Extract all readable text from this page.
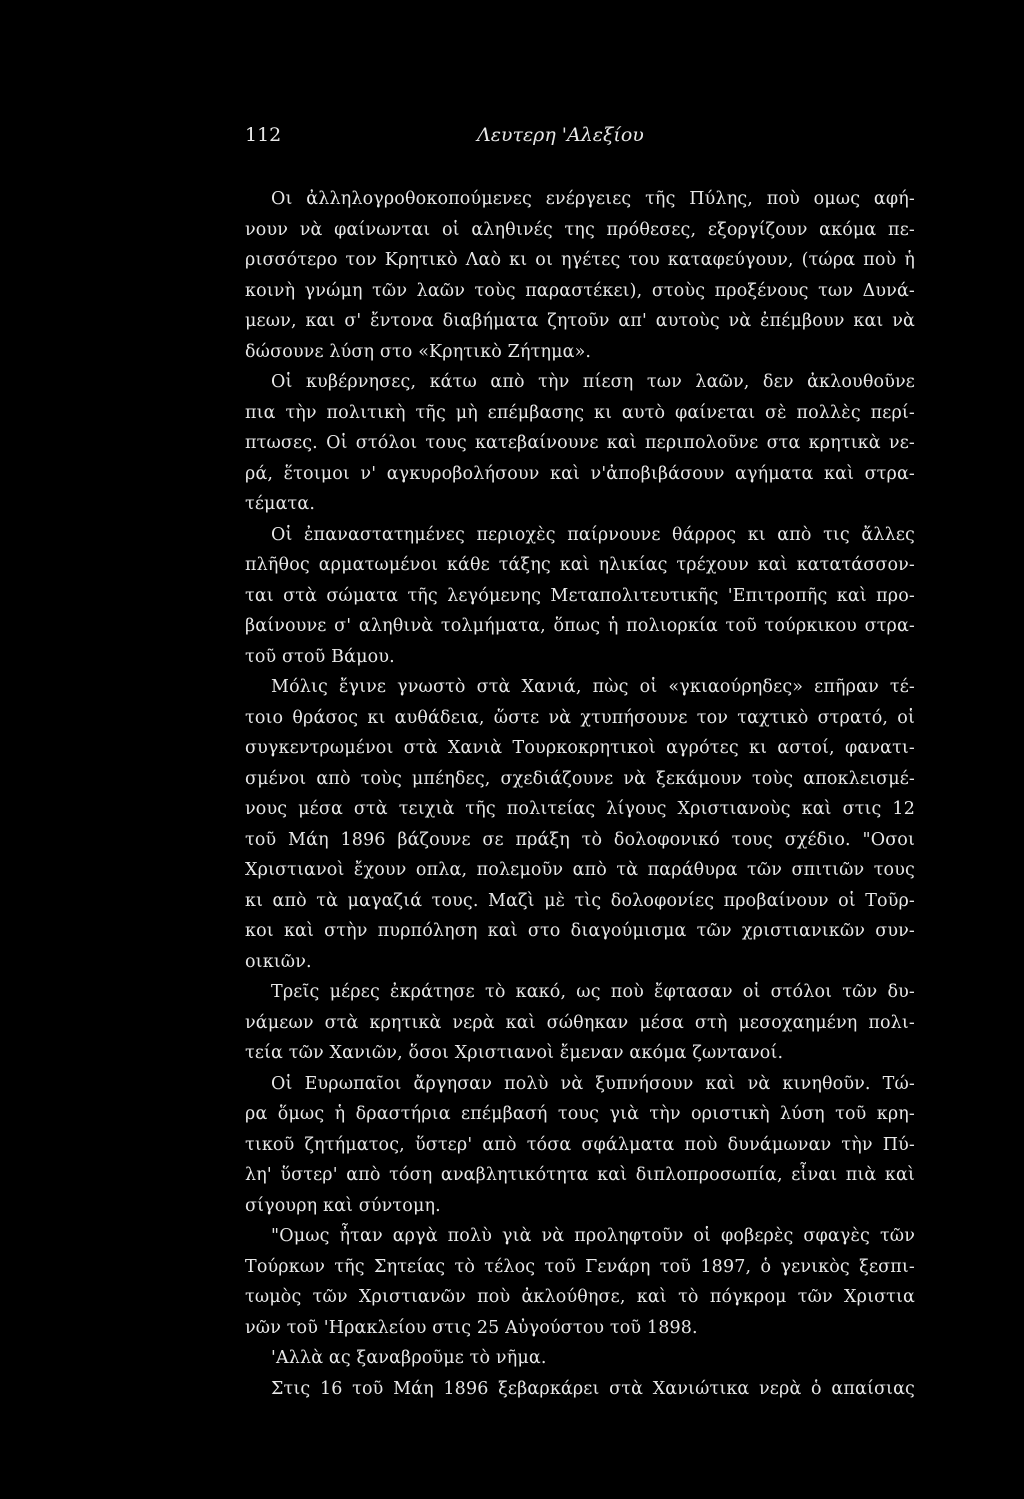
112	Λευτερη 'Αλεξίου
Οι ἀλληλογροθοκοπούμενες ενέργειες τῆς Πύλης, ποὺ ομως αφή-
νουν νὰ φαίνωνται οἱ αληθινές της πρόθεσες, εξοργίζουν ακόμα πε-
ρισσότερο τον Κρητικὸ Λαὸ κι οι ηγέτες του καταφεύγουν, (τώρα ποὺ ἡ
κοινὴ γνώμη τῶν λαῶν τοὺς παραστέκει), στοὺς προξένους των Δυνά-
μεων, και σ' ἔντονα διαβήματα ζητοῦν απ' αυτοὺς νὰ ἐπέμβουν και νὰ
δώσουνε λύση στο «Κρητικὸ Ζήτημα».
Οἱ κυβέρνησες, κάτω απὸ τὴν πίεση των λαῶν, δεν ἀκλουθοῦνε
πια τὴν πολιτικὴ τῆς μὴ επέμβασης κι αυτὸ φαίνεται σὲ πολλὲς περί-
πτωσες. Οἱ στόλοι τους κατεβαίνουνε καὶ περιπολοῦνε στα κρητικὰ νε-
ρά, ἕτοιμοι ν' αγκυροβολήσουν καὶ ν'ἀποβιβάσουν αγήματα καὶ στρα-
τέματα.
Οἱ ἐπαναστατημένες περιοχὲς παίρνουνε θάρρος κι απὸ τις ἄλλες
πλῆθος αρματωμένοι κάθε τάξης καὶ ηλικίας τρέχουν καὶ κατατάσσον-
ται στὰ σώματα τῆς λεγόμενης Μεταπολιτευτικῆς 'Επιτροπῆς καὶ προ-
βαίνουνε σ' αληθινὰ τολμήματα, ὅπως ἡ πολιορκία τοῦ τούρκικου στρα-
τοῦ στοῦ Βάμου.
Μόλις ἔγινε γνωστὸ στὰ Χανιά, πὼς οἱ «γκιαούρηδες» επῆραν τέ-
τοιο θράσος κι αυθάδεια, ὥστε νὰ χτυπήσουνε τον ταχτικὸ στρατό, οἱ
συγκεντρωμένοι στὰ Χανιὰ Τουρκοκρητικοὶ αγρότες κι αστοί, φανατι-
σμένοι απὸ τοὺς μπέηδες, σχεδιάζουνε νὰ ξεκάμουν τοὺς αποκλεισμέ-
νους μέσα στὰ τειχιὰ τῆς πολιτείας λίγους Χριστιανοὺς καὶ στις 12
τοῦ Μάη 1896 βάζουνε σε πράξη τὸ δολοφονικό τους σχέδιο. "Οσοι
Χριστιανοὶ ἔχουν οπλα, πολεμοῦν απὸ τὰ παράθυρα τῶν σπιτιῶν τους
κι απὸ τὰ μαγαζιά τους. Μαζὶ μὲ τὶς δολοφονίες προβαίνουν οἱ Τοῦρ-
κοι καὶ στὴν πυρπόληση καὶ στο διαγούμισμα τῶν χριστιανικῶν συν-
οικιῶν.
Τρεῖς μέρες ἐκράτησε τὸ κακό, ως ποὺ ἔφτασαν οἱ στόλοι τῶν δυ-
νάμεων στὰ κρητικὰ νερὰ καὶ σώθηκαν μέσα στὴ μεσοχαημένη πολι-
τεία τῶν Χανιῶν, ὅσοι Χριστιανοὶ ἔμεναν ακόμα ζωντανοί.
Οἱ Ευρωπαῖοι ἄργησαν πολὺ νὰ ξυπνήσουν καὶ νὰ κινηθοῦν. Τώ-
ρα ὅμως ἡ δραστήρια επέμβασή τους γιὰ τὴν οριστικὴ λύση τοῦ κρη-
τικοῦ ζητήματος, ὕστερ' απὸ τόσα σφάλματα ποὺ δυνάμωναν τὴν Πύ-
λη' ὕστερ' απὸ τόση αναβλητικότητα καὶ διπλοπροσωπία, εἶναι πιὰ καὶ
σίγουρη καὶ σύντομη.
"Ομως ἦταν αργὰ πολὺ γιὰ νὰ προληφτοῦν οἱ φοβερὲς σφαγὲς τῶν
Τούρκων τῆς Σητείας τὸ τέλος τοῦ Γενάρη τοῦ 1897, ὁ γενικὸς ξεσπι-
τωμὸς τῶν Χριστιανῶν ποὺ ἀκλούθησε, καὶ τὸ πόγκρομ τῶν Χριστια
νῶν τοῦ 'Ηρακλείου στις 25 Αὐγούστου τοῦ 1898.
'Αλλὰ ας ξαναβροῦμε τὸ νῆμα.
Στις 16 τοῦ Μάη 1896 ξεβαρκάρει στὰ Χανιώτικα νερὰ ὁ απαίσιας
